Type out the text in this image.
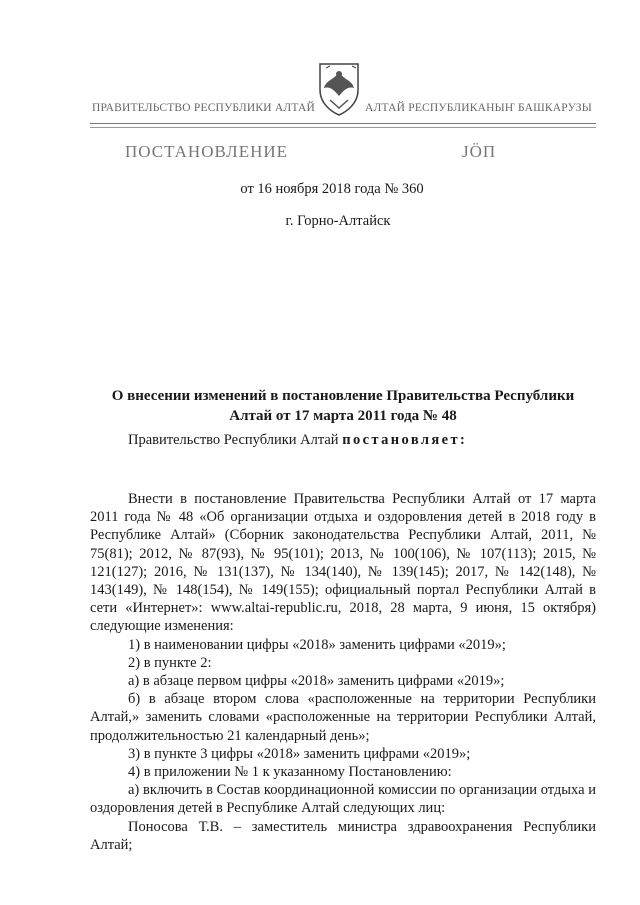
ПРАВИТЕЛЬСТВО РЕСПУБЛИКИ АЛТАЙ	АЛТАЙ РЕСПУБЛИКАНЫҤ БАШКАРУЗЫ
ПОСТАНОВЛЕНИЕ	JÖП
от 16 ноября 2018 года № 360
г. Горно-Алтайск
О внесении изменений в постановление Правительства Республики
Алтай от 17 марта 2011 года № 48
Правительство Республики Алтай постановляет:

Внести в постановление Правительства Республики Алтай от 17 марта 2011 года № 48 «Об организации отдыха и оздоровления детей в 2018 году в Республике Алтай» (Сборник законодательства Республики Алтай, 2011, № 75(81); 2012, № 87(93), № 95(101); 2013, № 100(106), № 107(113); 2015, № 121(127); 2016, № 131(137), № 134(140), № 139(145); 2017, № 142(148), № 143(149), № 148(154), № 149(155); официальный портал Республики Алтай в сети «Интернет»: www.altai-republic.ru, 2018, 28 марта, 9 июня, 15 октября) следующие изменения:

1) в наименовании цифры «2018» заменить цифрами «2019»;

2) в пункте 2:

а) в абзаце первом цифры «2018» заменить цифрами «2019»;

б) в абзаце втором слова «расположенные на территории Республики Алтай,» заменить словами «расположенные на территории Республики Алтай, продолжительностью 21 календарный день»;

3) в пункте 3 цифры «2018» заменить цифрами «2019»;

4) в приложении № 1 к указанному Постановлению:

а) включить в Состав координационной комиссии по организации отдыха и оздоровления детей в Республике Алтай следующих лиц:

Поносова Т.В. – заместитель министра здравоохранения Республики Алтай;
